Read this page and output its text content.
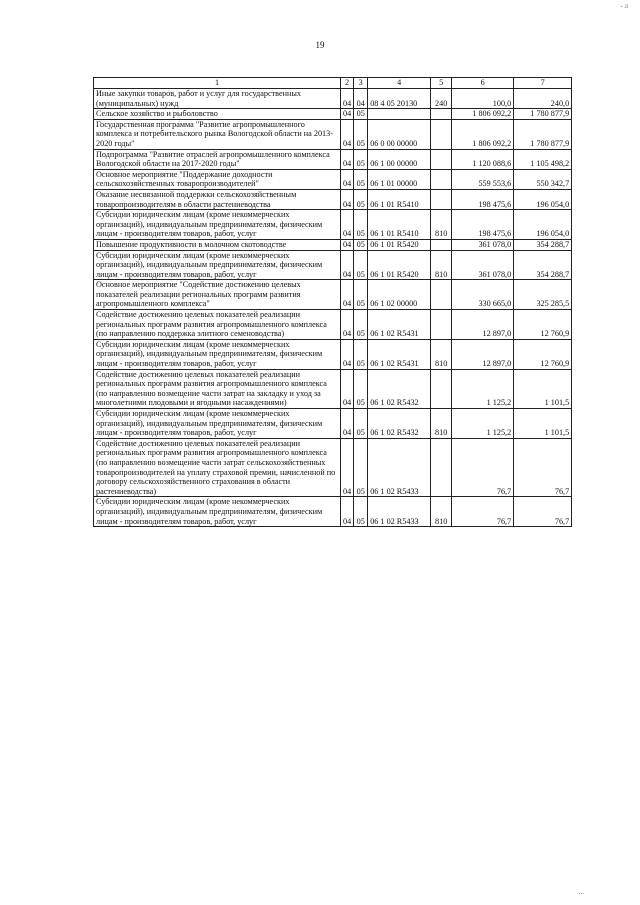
- л
19
1	2	3	4	5	6	7
Иные закупки товаров, работ и услуг для государственных (муниципальных) нужд	04	04	08 4 05 20130	240	100,0	240,0
Сельское хозяйство и рыболовство	04	05			1 806 092,2	1 780 877,9
Государственная программа "Развитие агропромышленного комплекса и потребительского рынка Вологодской области на 2013-2020 годы"	04	05	06 0 00 00000		1 806 092,2	1 780 877,9
Подпрограмма "Развитие отраслей агропромышленного комплекса Вологодской области на 2017-2020 годы"	04	05	06 1 00 00000		1 120 088,6	1 105 498,2
Основное мероприятие "Поддержание доходности сельскохозяйственных товаропроизводителей"	04	05	06 1 01 00000		559 553,6	550 342,7
Оказание несвязанной поддержки сельскохозяйственным товаропроизводителям в области растениеводства	04	05	06 1 01 R5410		198 475,6	196 054,0
Субсидии юридическим лицам (кроме некоммерческих организаций), индивидуальным предпринимателям, физическим лицам - производителям товаров, работ, услуг	04	05	06 1 01 R5410	810	198 475,6	196 054,0
Повышение продуктивности в молочном скотоводстве	04	05	06 1 01 R5420		361 078,0	354 288,7
Субсидии юридическим лицам (кроме некоммерческих организаций), индивидуальным предпринимателям, физическим лицам - производителям товаров, работ, услуг	04	05	06 1 01 R5420	810	361 078,0	354 288,7
Основное мероприятие "Содействие достижению целевых показателей реализации региональных программ развития агропромышленного комплекса"	04	05	06 1 02 00000		330 665,0	325 285,5
Содействие достижению целевых показателей реализации региональных программ развития агропромышленного комплекса (по направлению поддержка элитного семеноводства)	04	05	06 1 02 R5431		12 897,0	12 760,9
Субсидии юридическим лицам (кроме некоммерческих организаций), индивидуальным предпринимателям, физическим лицам - производителям товаров, работ, услуг	04	05	06 1 02 R5431	810	12 897,0	12 760,9
Содействие достижению целевых показателей реализации региональных программ развития агропромышленного комплекса (по направлению возмещение части затрат на закладку и уход за многолетними плодовыми и ягодными насаждениями)	04	05	06 1 02 R5432		1 125,2	1 101,5
Субсидии юридическим лицам (кроме некоммерческих организаций), индивидуальным предпринимателям, физическим лицам - производителям товаров, работ, услуг	04	05	06 1 02 R5432	810	1 125,2	1 101,5
Содействие достижению целевых показателей реализации региональных программ развития агропромышленного комплекса (по направлению возмещение части затрат сельскохозяйственных товаропроизводителей на уплату страховой премии, начисленной по договору сельскохозяйственного страхования в области растениеводства)	04	05	06 1 02 R5433		76,7	76,7
Субсидии юридическим лицам (кроме некоммерческих организаций), индивидуальным предпринимателям, физическим лицам - производителям товаров, работ, услуг	04	05	06 1 02 R5433	810	76,7	76,7
...
